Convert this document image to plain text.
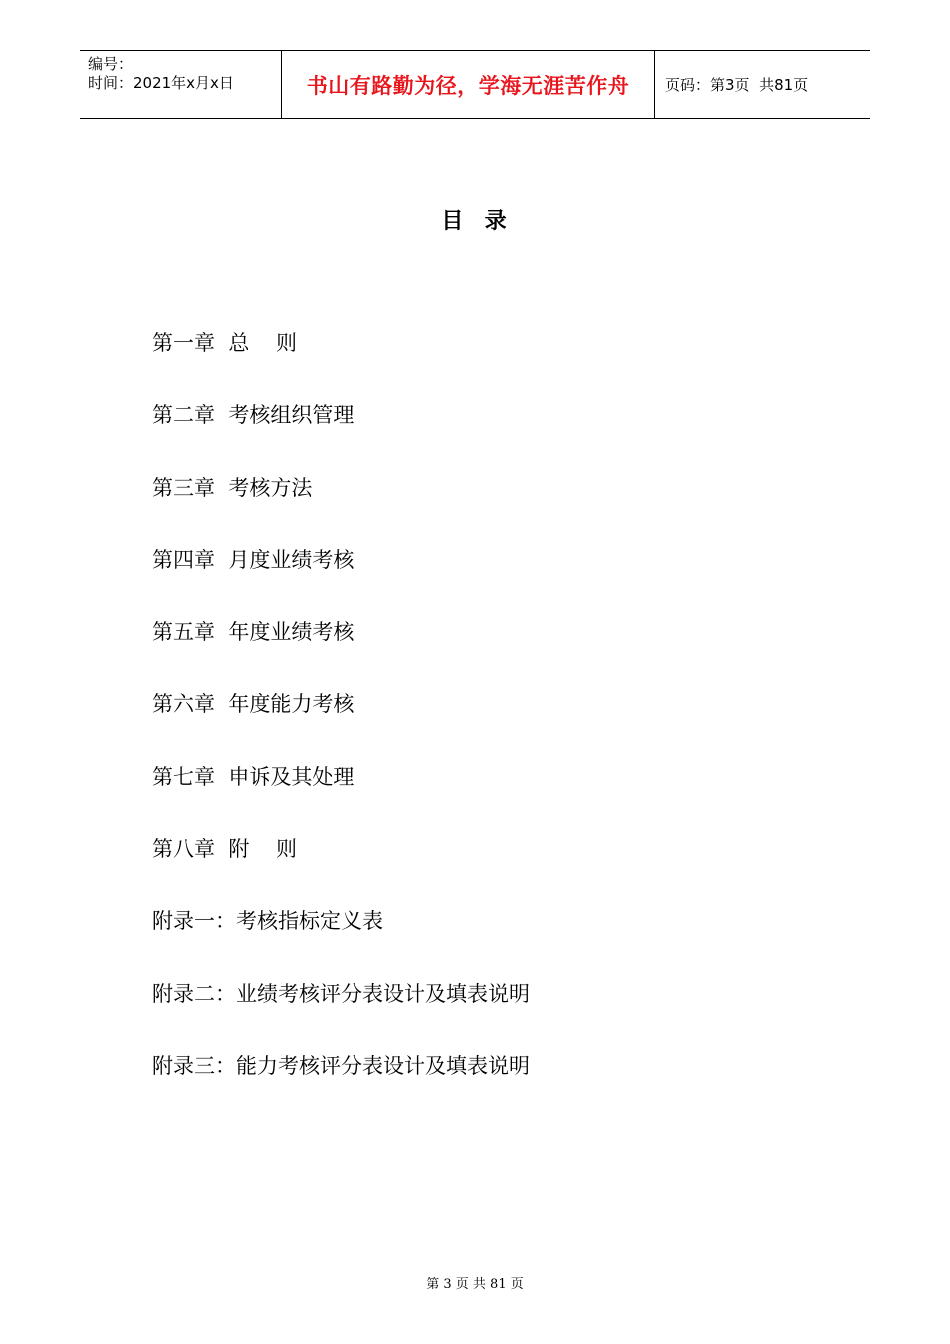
编号：
时间：2021年x月x日	书山有路勤为径，学海无涯苦作舟	页码：第3页  共81页
目  录
第一章  总    则
第二章  考核组织管理
第三章  考核方法
第四章  月度业绩考核
第五章  年度业绩考核
第六章  年度能力考核
第七章  申诉及其处理
第八章  附    则
附录一：考核指标定义表
附录二：业绩考核评分表设计及填表说明
附录三：能力考核评分表设计及填表说明
第 3 页 共 81 页
